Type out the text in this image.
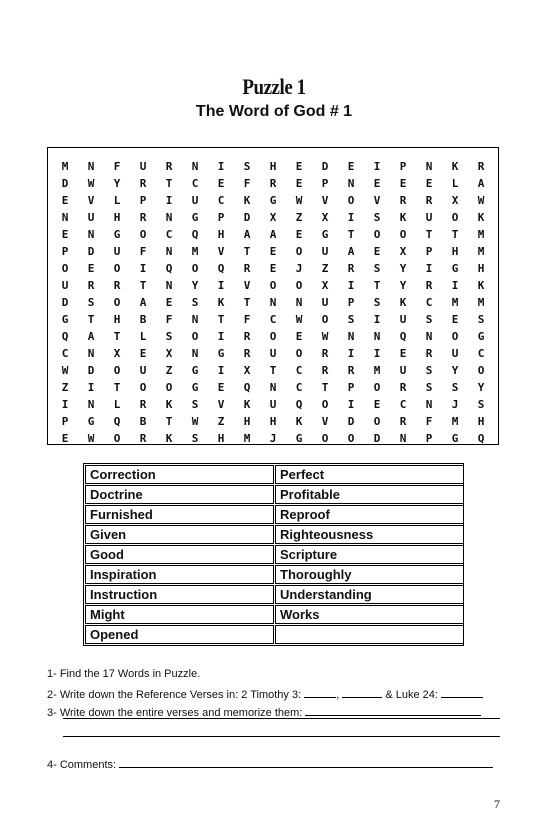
Puzzle 1
The Word of God # 1
M	N	F	U	R	N	I	S	H	E	D	E	I	P	N	K	R
D	W	Y	R	T	C	E	F	R	E	P	N	E	E	E	L	A
E	V	L	P	I	U	C	K	G	W	V	O	V	R	R	X	W
N	U	H	R	N	G	P	D	X	Z	X	I	S	K	U	O	K
E	N	G	O	C	Q	H	A	A	E	G	T	O	O	T	T	M
P	D	U	F	N	M	V	T	E	O	U	A	E	X	P	H	M
O	E	O	I	Q	O	Q	R	E	J	Z	R	S	Y	I	G	H
U	R	R	T	N	Y	I	V	O	O	X	I	T	Y	R	I	K
D	S	O	A	E	S	K	T	N	N	U	P	S	K	C	M	M
G	T	H	B	F	N	T	F	C	W	O	S	I	U	S	E	S
Q	A	T	L	S	O	I	R	O	E	W	N	N	Q	N	O	G
C	N	X	E	X	N	G	R	U	O	R	I	I	E	R	U	C
W	D	O	U	Z	G	I	X	T	C	R	R	M	U	S	Y	O
Z	I	T	O	O	G	E	Q	N	C	T	P	O	R	S	S	Y
I	N	L	R	K	S	V	K	U	Q	O	I	E	C	N	J	S
P	G	Q	B	T	W	Z	H	H	K	V	D	O	R	F	M	H
E	W	O	R	K	S	H	M	J	G	O	O	D	N	P	G	Q
Correction	Perfect
Doctrine	Profitable
Furnished	Reproof
Given	Righteousness
Good	Scripture
Inspiration	Thoroughly
Instruction	Understanding
Might	Works
Opened
1- Find the 17 Words in Puzzle.
2- Write down the Reference Verses in: 2 Timothy 3:	,	& Luke 24:
3- Write down the entire verses and memorize them:
4- Comments:
7
